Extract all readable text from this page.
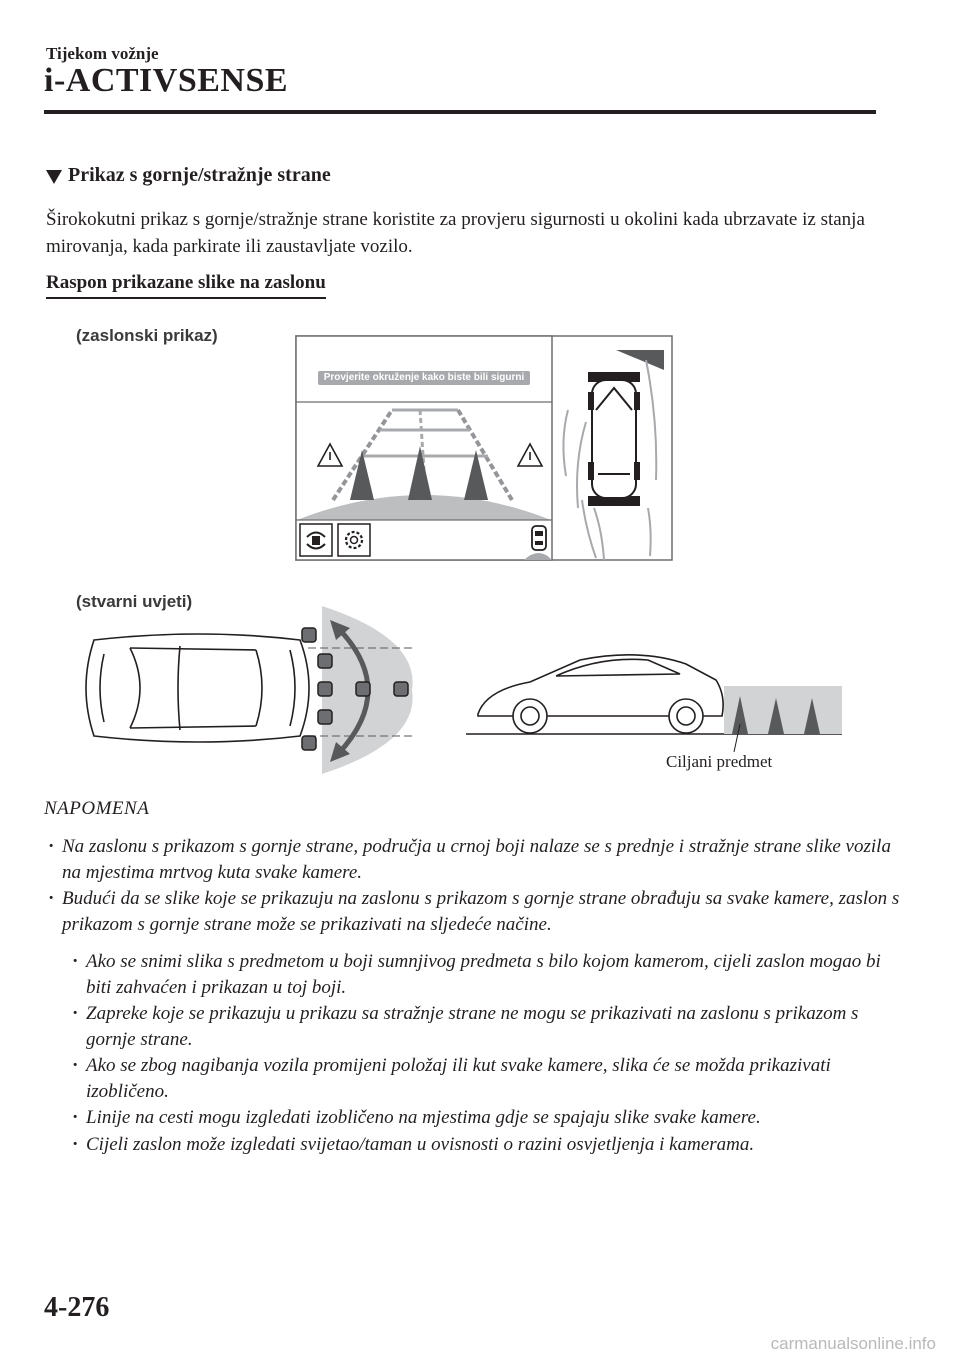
Tijekom vožnje
i-ACTIVSENSE
Prikaz s gornje/stražnje strane
Širokokutni prikaz s gornje/stražnje strane koristite za provjeru sigurnosti u okolini kada ubrzavate iz stanja mirovanja, kada parkirate ili zaustavljate vozilo.
Raspon prikazane slike na zaslonu
(zaslonski prikaz)
(stvarni uvjeti)
Provjerite okruženje kako biste bili sigurni
Ciljani predmet
NAPOMENA
· Na zaslonu s prikazom s gornje strane, područja u crnoj boji nalaze se s prednje i stražnje strane slike vozila na mjestima mrtvog kuta svake kamere.
· Budući da se slike koje se prikazuju na zaslonu s prikazom s gornje strane obrađuju sa svake kamere, zaslon s prikazom s gornje strane može se prikazivati na sljedeće načine.
· Ako se snimi slika s predmetom u boji sumnjivog predmeta s bilo kojom kamerom, cijeli zaslon mogao bi biti zahvaćen i prikazan u toj boji.
· Zapreke koje se prikazuju u prikazu sa stražnje strane ne mogu se prikazivati na zaslonu s prikazom s gornje strane.
· Ako se zbog nagibanja vozila promijeni položaj ili kut svake kamere, slika će se možda prikazivati izobličeno.
· Linije na cesti mogu izgledati izobličeno na mjestima gdje se spajaju slike svake kamere.
· Cijeli zaslon može izgledati svijetao/taman u ovisnosti o razini osvjetljenja i kamerama.
4-276
carmanualsonline.info
